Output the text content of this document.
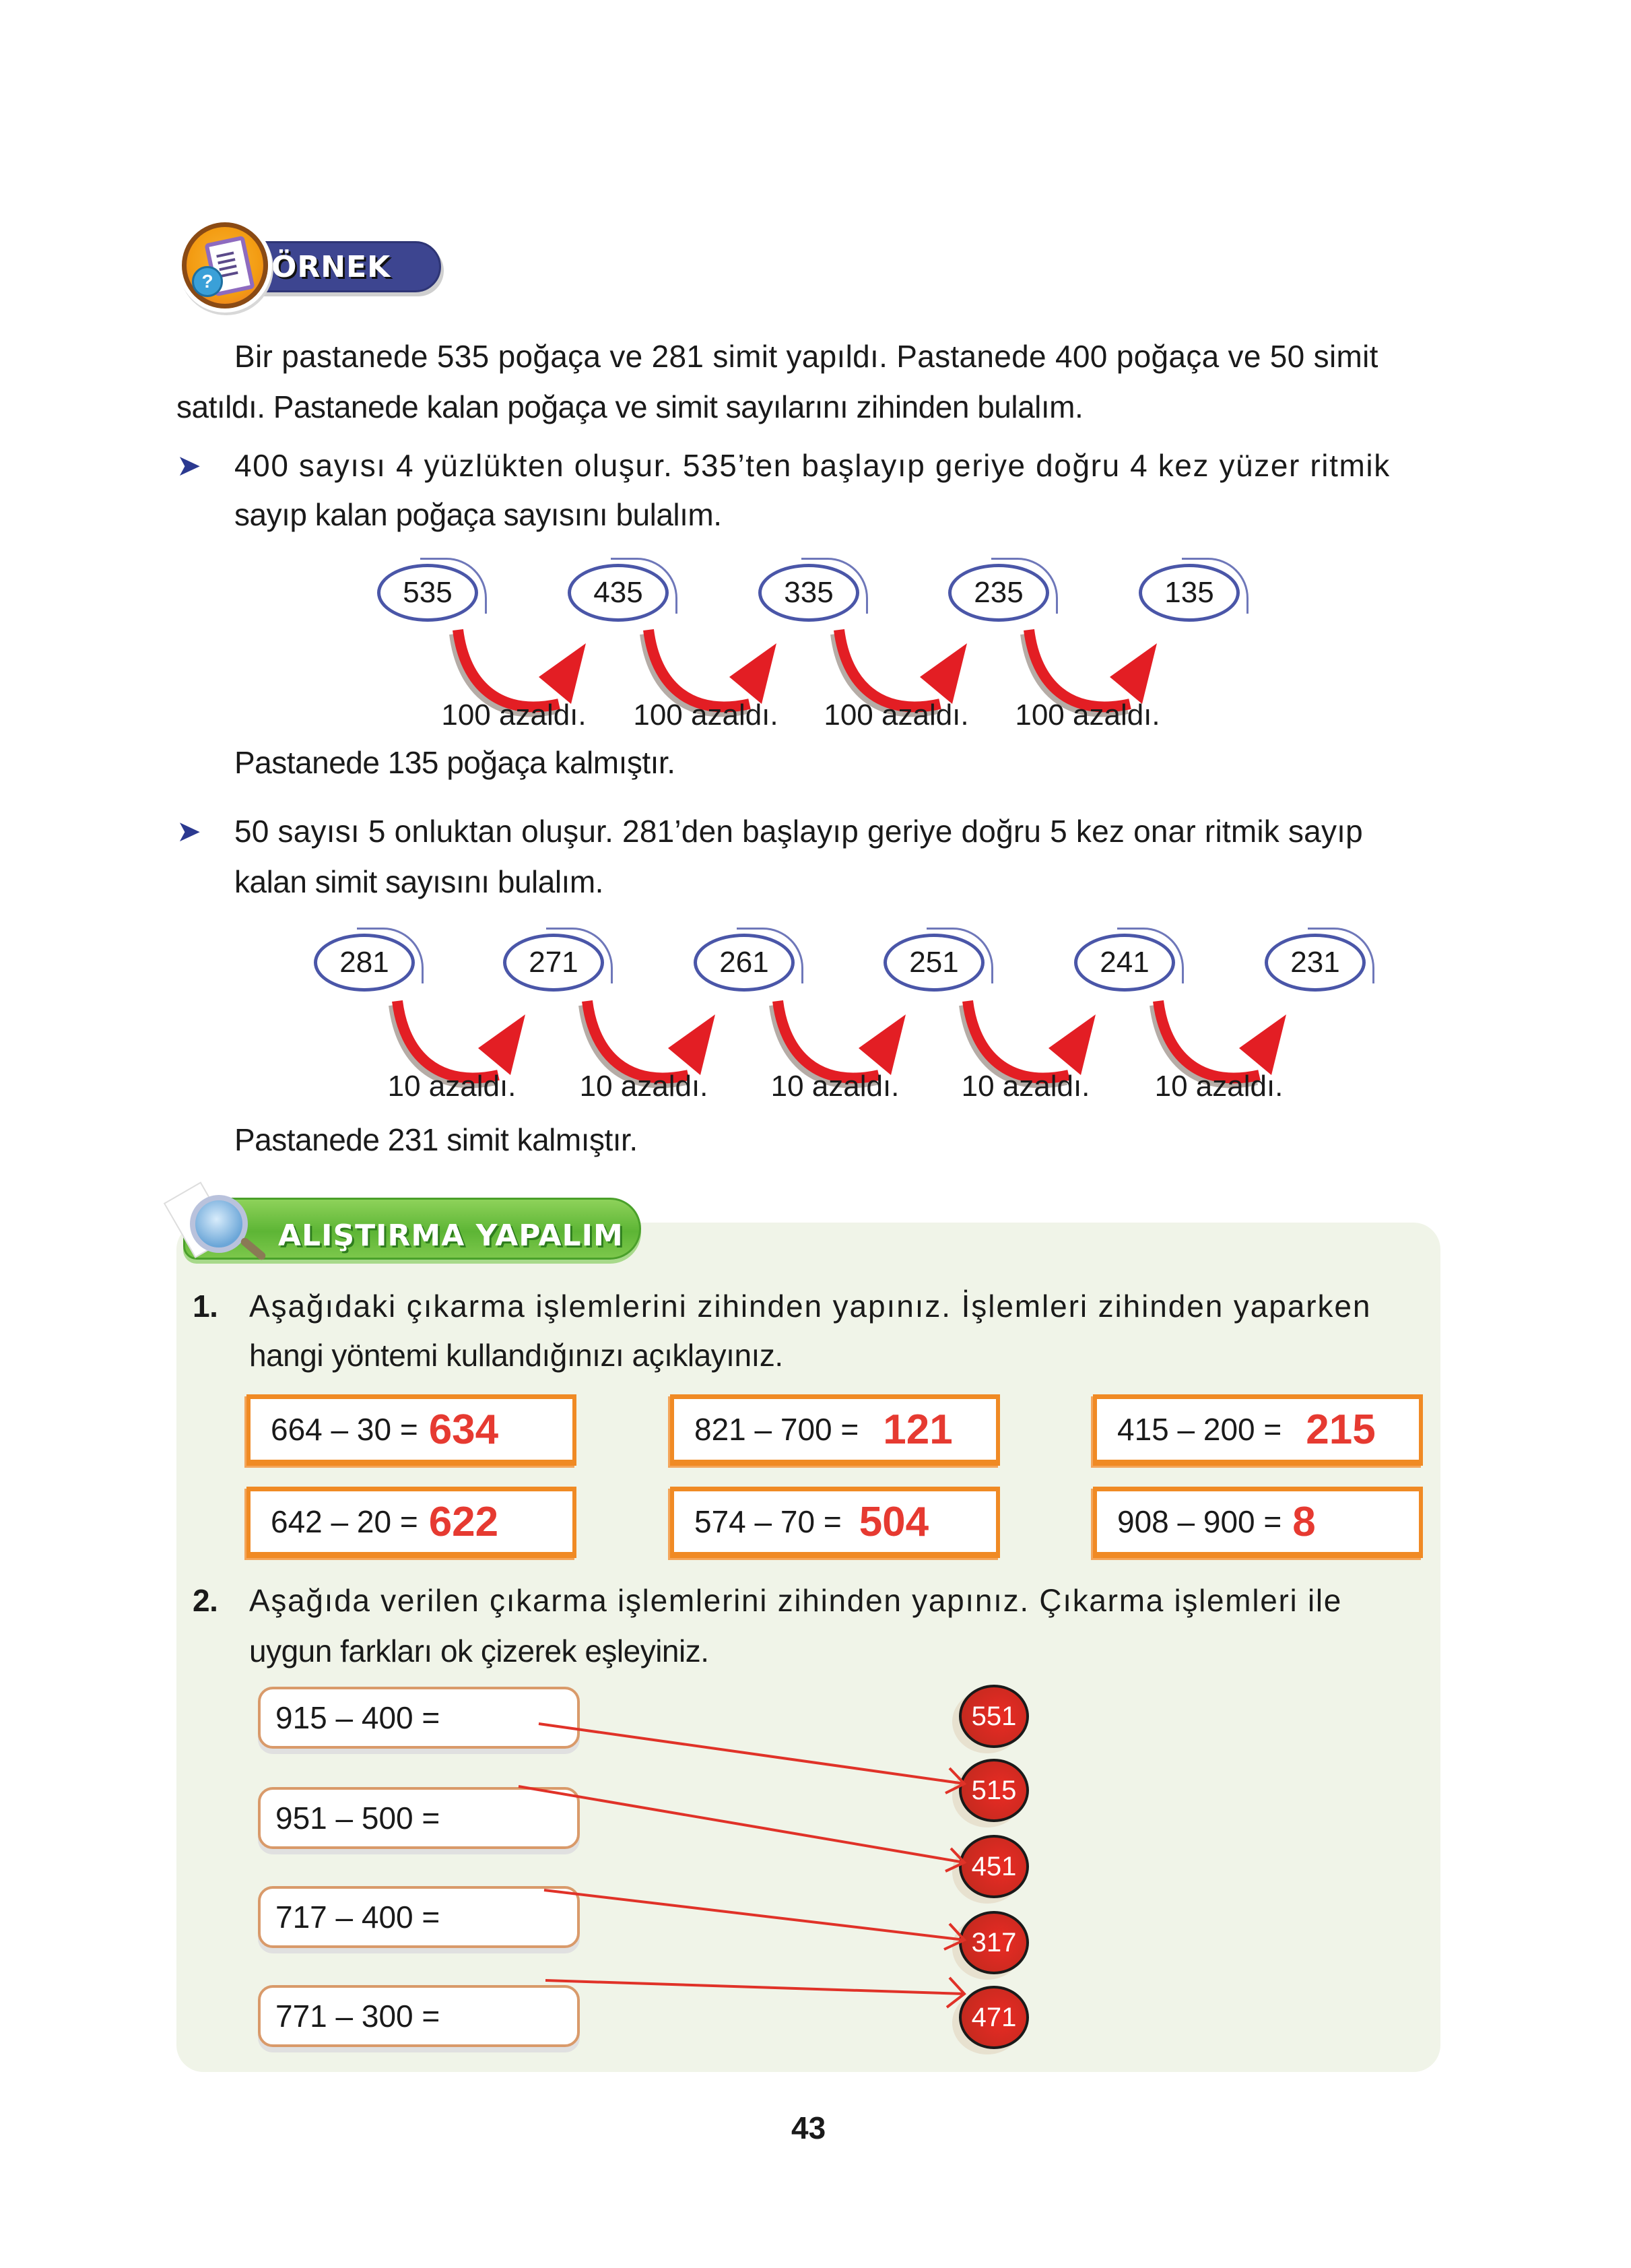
ÖRNEK
?
Bir pastanede 535 poğaça ve 281 simit yapıldı. Pastanede 400 poğaça ve 50 simit
satıldı. Pastanede kalan poğaça ve simit sayılarını zihinden bulalım.
➤ 400 sayısı 4 yüzlükten oluşur. 535’ten başlayıp geriye doğru 4 kez yüzer ritmik
sayıp kalan poğaça sayısını bulalım.
535	435	335	235	135
100 azaldı. 100 azaldı. 100 azaldı. 100 azaldı.
Pastanede 135 poğaça kalmıştır.
➤ 50 sayısı 5 onluktan oluşur. 281’den başlayıp geriye doğru 5 kez onar ritmik sayıp
kalan simit sayısını bulalım.
281	271	261	251	241	231
10 azaldı.	10 azaldı.	10 azaldı.	10 azaldı.	10 azaldı.
Pastanede 231 simit kalmıştır.
ALIŞTIRMA YAPALIM
1. Aşağıdaki çıkarma işlemlerini zihinden yapınız. İşlemleri zihinden yaparken
hangi yöntemi kullandığınızı açıklayınız.
664 – 30 = 634	821 – 700 = 121	415 – 200 = 215
642 – 20 = 622	574 – 70 = 504	908 – 900 = 8
2. Aşağıda verilen çıkarma işlemlerini zihinden yapınız. Çıkarma işlemleri ile
uygun farkları ok çizerek eşleyiniz.
915 – 400 =
951 – 500 =
717 – 400 =
771 – 300 =
551
515
451
317
471
43
